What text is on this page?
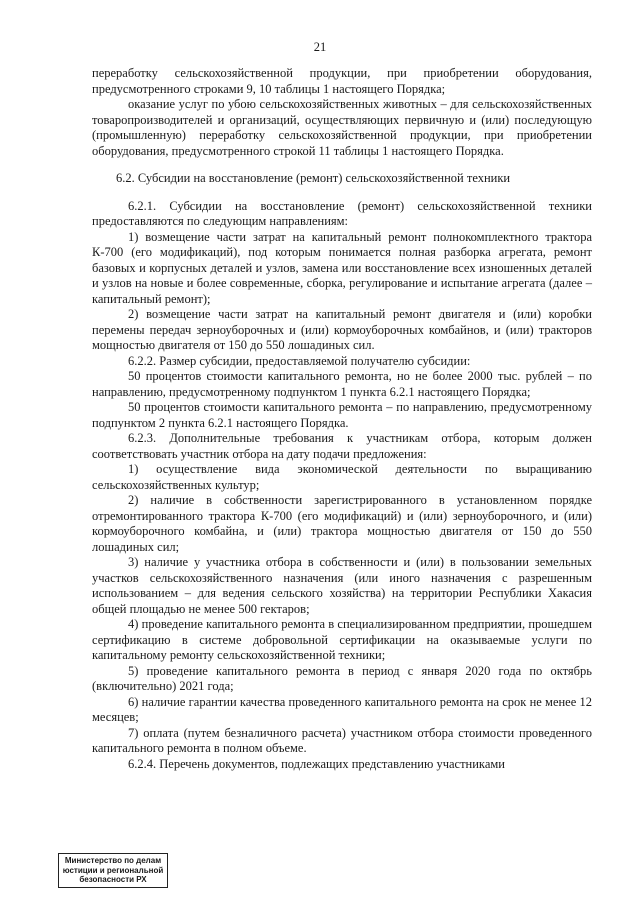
21

переработку сельскохозяйственной продукции, при приобретении оборудования, предусмотренного строками 9, 10 таблицы 1 настоящего Порядка;

оказание услуг по убою сельскохозяйственных животных – для сельскохозяйственных товаропроизводителей и организаций, осуществляющих первичную и (или) последующую (промышленную) переработку сельскохозяйственной продукции, при приобретении оборудования, предусмотренного строкой 11 таблицы 1 настоящего Порядка.

6.2. Субсидии на восстановление (ремонт) сельскохозяйственной техники

6.2.1. Субсидии на восстановление (ремонт) сельскохозяйственной техники предоставляются по следующим направлениям:

1) возмещение части затрат на капитальный ремонт полнокомплектного трактора К-700 (его модификаций), под которым понимается полная разборка агрегата, ремонт базовых и корпусных деталей и узлов, замена или восстановление всех изношенных деталей и узлов на новые и более современные, сборка, регулирование и испытание агрегата (далее – капитальный ремонт);

2) возмещение части затрат на капитальный ремонт двигателя и (или) коробки перемены передач зерноуборочных и (или) кормоуборочных комбайнов, и (или) тракторов мощностью двигателя от 150 до 550 лошадиных сил.

6.2.2. Размер субсидии, предоставляемой получателю субсидии:

50 процентов стоимости капитального ремонта, но не более 2000 тыс. рублей – по направлению, предусмотренному подпунктом 1 пункта 6.2.1 настоящего Порядка;

50 процентов стоимости капитального ремонта – по направлению, предусмотренному подпунктом 2 пункта 6.2.1 настоящего Порядка.

6.2.3. Дополнительные требования к участникам отбора, которым должен соответствовать участник отбора на дату подачи предложения:

1) осуществление вида экономической деятельности по выращиванию сельскохозяйственных культур;

2) наличие в собственности зарегистрированного в установленном порядке отремонтированного трактора К-700 (его модификаций) и (или) зерноуборочного, и (или) кормоуборочного комбайна, и (или) трактора мощностью двигателя от 150 до 550 лошадиных сил;

3) наличие у участника отбора в собственности и (или) в пользовании земельных участков сельскохозяйственного назначения (или иного назначения с разрешенным использованием – для ведения сельского хозяйства) на территории Республики Хакасия общей площадью не менее 500 гектаров;

4) проведение капитального ремонта в специализированном предприятии, прошедшем сертификацию в системе добровольной сертификации на оказываемые услуги по капитальному ремонту сельскохозяйственной техники;

5) проведение капитального ремонта в период с января 2020 года по октябрь (включительно) 2021 года;

6) наличие гарантии качества проведенного капитального ремонта на срок не менее 12 месяцев;

7) оплата (путем безналичного расчета) участником отбора стоимости проведенного капитального ремонта в полном объеме.

6.2.4. Перечень документов, подлежащих представлению участниками

Министерство по делам
юстиции и региональной
безопасности РХ
